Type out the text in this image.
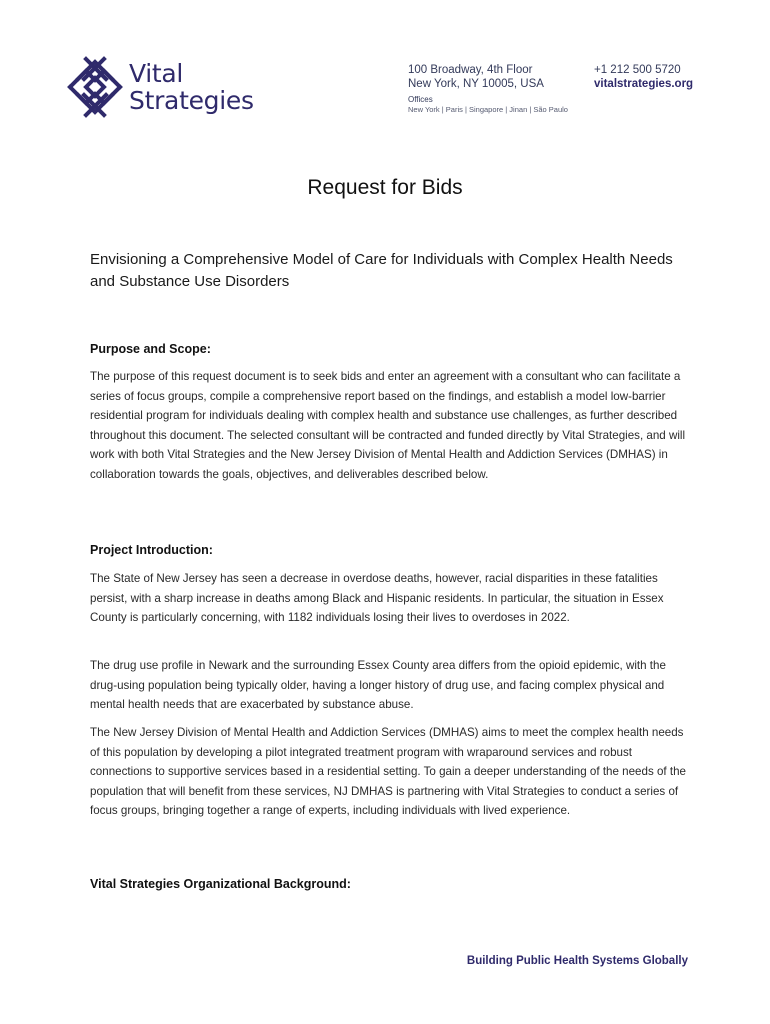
Vital
Strategies
100 Broadway, 4th Floor
New York, NY 10005, USA
Offices
New York | Paris | Singapore | Jinan | São Paulo
+1 212 500 5720
vitalstrategies.org
Request for Bids
Envisioning a Comprehensive Model of Care for Individuals with Complex Health Needs and Substance Use Disorders
Purpose and Scope:

The purpose of this request document is to seek bids and enter an agreement with a consultant who can facilitate a series of focus groups, compile a comprehensive report based on the findings, and establish a model low-barrier residential program for individuals dealing with complex health and substance use challenges, as further described throughout this document. The selected consultant will be contracted and funded directly by Vital Strategies, and will work with both Vital Strategies and the New Jersey Division of Mental Health and Addiction Services (DMHAS) in collaboration towards the goals, objectives, and deliverables described below.

Project Introduction:

The State of New Jersey has seen a decrease in overdose deaths, however, racial disparities in these fatalities persist, with a sharp increase in deaths among Black and Hispanic residents. In particular, the situation in Essex County is particularly concerning, with 1182 individuals losing their lives to overdoses in 2022.

The drug use profile in Newark and the surrounding Essex County area differs from the opioid epidemic, with the drug-using population being typically older, having a longer history of drug use, and facing complex physical and mental health needs that are exacerbated by substance abuse.

The New Jersey Division of Mental Health and Addiction Services (DMHAS) aims to meet the complex health needs of this population by developing a pilot integrated treatment program with wraparound services and robust connections to supportive services based in a residential setting. To gain a deeper understanding of the needs of the population that will benefit from these services, NJ DMHAS is partnering with Vital Strategies to conduct a series of focus groups, bringing together a range of experts, including individuals with lived experience.

Vital Strategies Organizational Background:
Building Public Health Systems Globally
